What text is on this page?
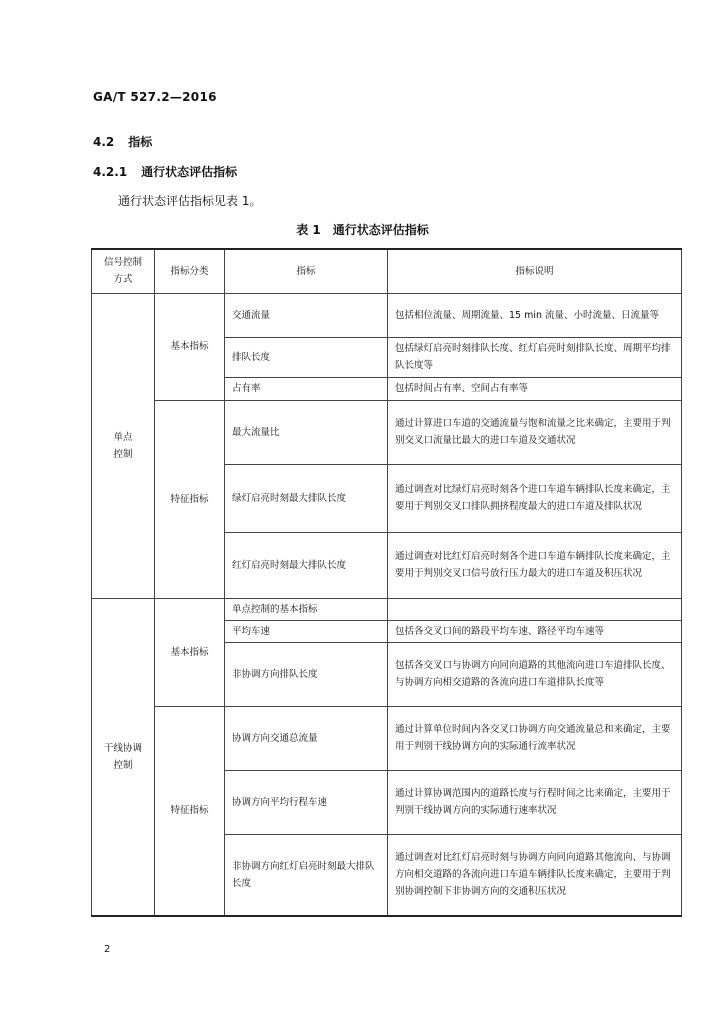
GA/T 527.2—2016
4.2 指标
4.2.1 通行状态评估指标
通行状态评估指标见表 1。
表 1　通行状态评估指标
信号控制方式	指标分类	指标	指标说明
单点控制	基本指标	交通流量	包括相位流量、周期流量、15 min 流量、小时流量、日流量等
		排队长度	包括绿灯启亮时刻排队长度、红灯启亮时刻排队长度、周期平均排队长度等
		占有率	包括时间占有率、空间占有率等
	特征指标	最大流量比	通过计算进口车道的交通流量与饱和流量之比来确定，主要用于判别交叉口流量比最大的进口车道及交通状况
		绿灯启亮时刻最大排队长度	通过调查对比绿灯启亮时刻各个进口车道车辆排队长度来确定，主要用于判别交叉口排队拥挤程度最大的进口车道及排队状况
		红灯启亮时刻最大排队长度	通过调查对比红灯启亮时刻各个进口车道车辆排队长度来确定，主要用于判别交叉口信号放行压力最大的进口车道及积压状况
干线协调控制	基本指标	单点控制的基本指标	
		平均车速	包括各交叉口间的路段平均车速、路径平均车速等
		非协调方向排队长度	包括各交叉口与协调方向同向道路的其他流向进口车道排队长度、与协调方向相交道路的各流向进口车道排队长度等
	特征指标	协调方向交通总流量	通过计算单位时间内各交叉口协调方向交通流量总和来确定，主要用于判别干线协调方向的实际通行流率状况
		协调方向平均行程车速	通过计算协调范围内的道路长度与行程时间之比来确定，主要用于判别干线协调方向的实际通行速率状况
		非协调方向红灯启亮时刻最大排队长度	通过调查对比红灯启亮时刻与协调方向同向道路其他流向、与协调方向相交道路的各流向进口车道车辆排队长度来确定，主要用于判别协调控制下非协调方向的交通积压状况
2
